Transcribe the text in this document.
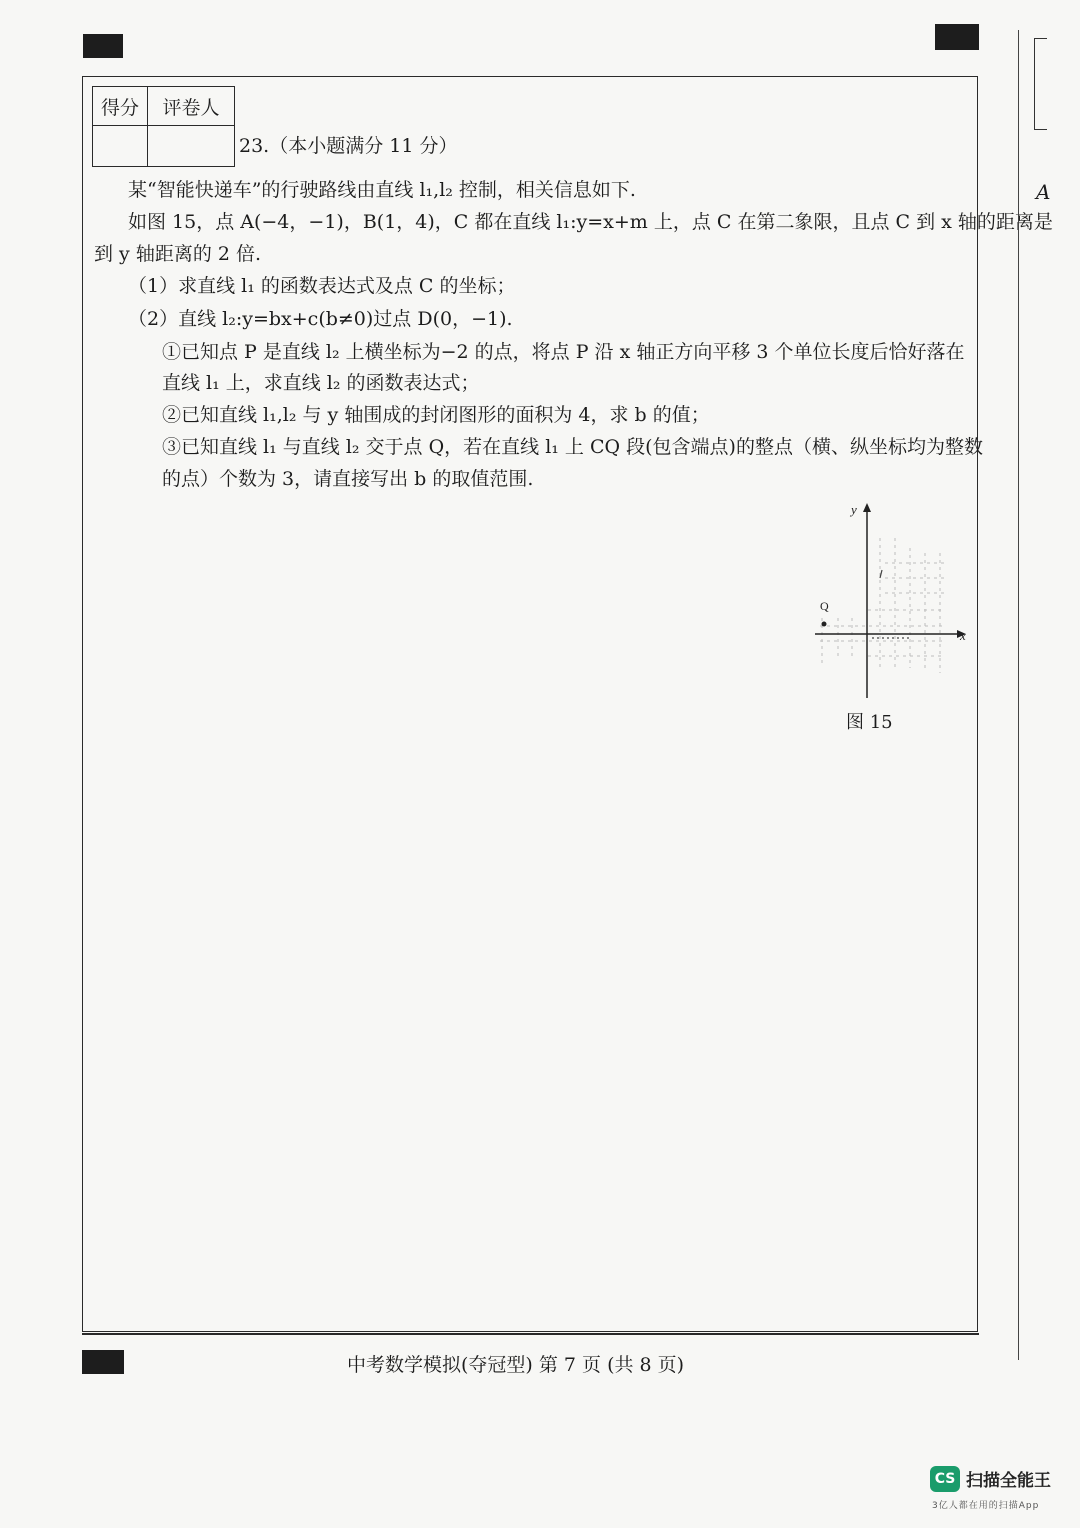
得分	评卷人

23.（本小题满分 11 分）
某“智能快递车”的行驶路线由直线 l₁,l₂ 控制，相关信息如下.
如图 15，点 A(−4，−1)，B(1，4)，C 都在直线 l₁:y=x+m 上，点 C 在第二象限，且点 C 到 x 轴的距离是
到 y 轴距离的 2 倍.
（1）求直线 l₁ 的函数表达式及点 C 的坐标；
（2）直线 l₂:y=bx+c(b≠0)过点 D(0，−1).
①已知点 P 是直线 l₂ 上横坐标为−2 的点，将点 P 沿 x 轴正方向平移 3 个单位长度后恰好落在
直线 l₁ 上，求直线 l₂ 的函数表达式；
②已知直线 l₁,l₂ 与 y 轴围成的封闭图形的面积为 4，求 b 的值；
③已知直线 l₁ 与直线 l₂ 交于点 Q，若在直线 l₁ 上 CQ 段(包含端点)的整点（横、纵坐标均为整数
的点）个数为 3，请直接写出 b 的取值范围.
y
x
Q
图 15
中考数学模拟(夺冠型) 第 7 页 (共 8 页)
A
CS 扫描全能王
3亿人都在用的扫描App
